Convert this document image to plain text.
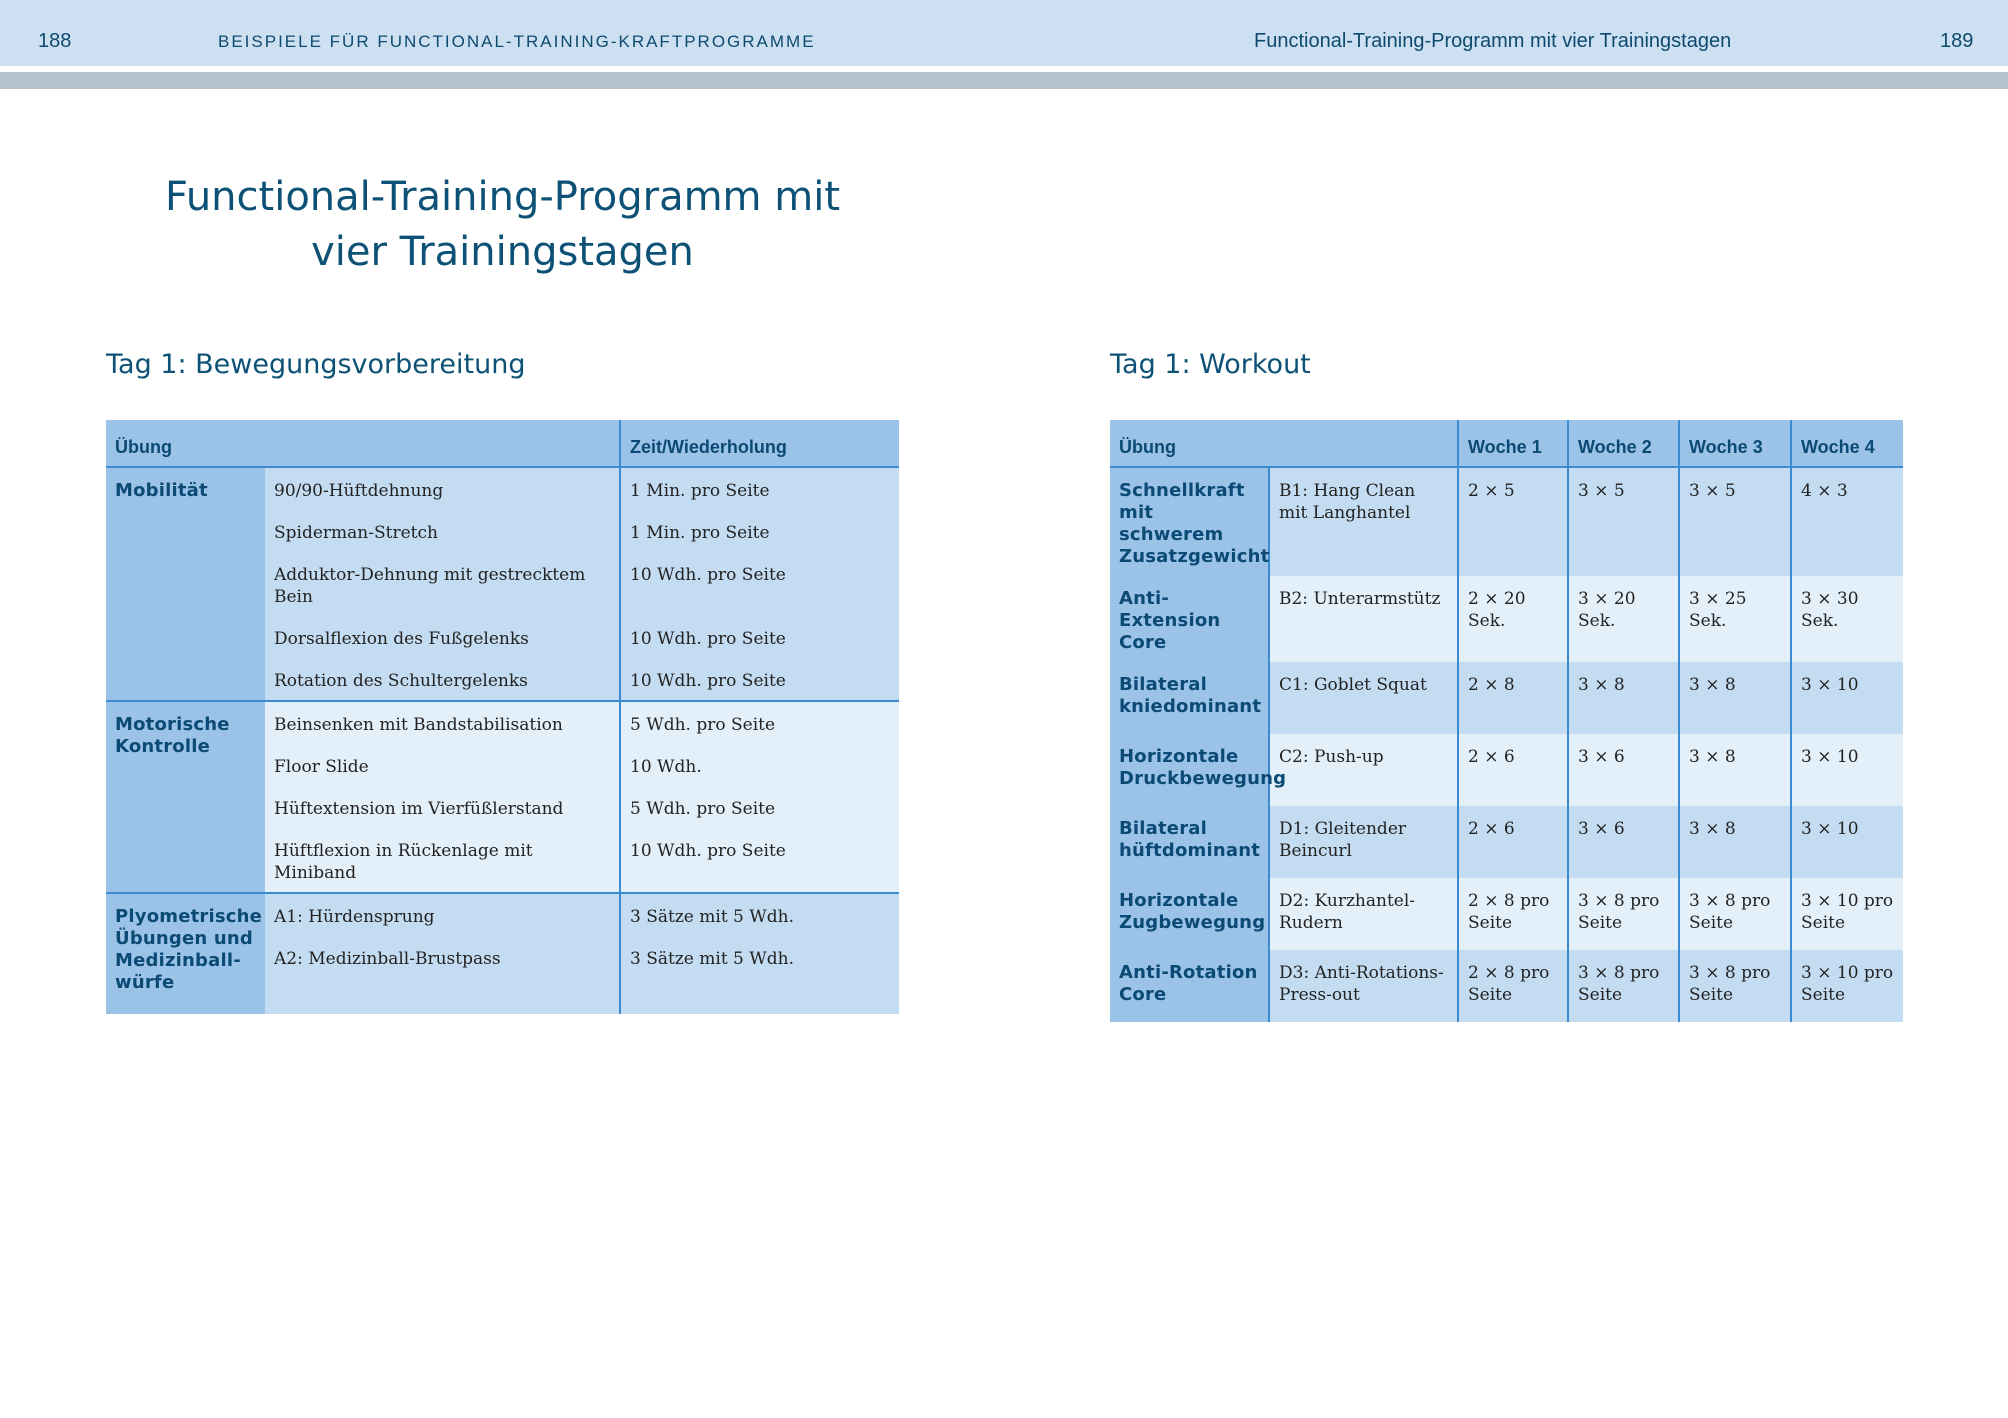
188	BEISPIELE FÜR FUNCTIONAL-TRAINING-KRAFTPROGRAMME	Functional-Training-Programm mit vier Trainingstagen	189
Functional-Training-Programm mit
vier Trainingstagen
Tag 1: Bewegungsvorbereitung	Tag 1: Workout
Übung		Zeit/Wiederholung
Mobilität	90/90-Hüftdehnung	1 Min. pro Seite
	Spiderman-Stretch	1 Min. pro Seite
	Adduktor-Dehnung mit gestrecktem Bein	10 Wdh. pro Seite
	Dorsalflexion des Fußgelenks	10 Wdh. pro Seite
	Rotation des Schultergelenks	10 Wdh. pro Seite
Motorische Kontrolle	Beinsenken mit Bandstabilisation	5 Wdh. pro Seite
	Floor Slide	10 Wdh.
	Hüftextension im Vierfüßlerstand	5 Wdh. pro Seite
	Hüftflexion in Rückenlage mit Miniband	10 Wdh. pro Seite
Plyometrische Übungen und Medizinball-würfe	A1: Hürdensprung	3 Sätze mit 5 Wdh.
	A2: Medizinball-Brustpass	3 Sätze mit 5 Wdh.
Übung		Woche 1	Woche 2	Woche 3	Woche 4
Schnellkraft mit schwerem Zusatzgewicht	B1: Hang Clean mit Langhantel	2 × 5	3 × 5	3 × 5	4 × 3
Anti-Extension Core	B2: Unterarmstütz	2 × 20 Sek.	3 × 20 Sek.	3 × 25 Sek.	3 × 30 Sek.
Bilateral kniedominant	C1: Goblet Squat	2 × 8	3 × 8	3 × 8	3 × 10
Horizontale Druckbewegung	C2: Push-up	2 × 6	3 × 6	3 × 8	3 × 10
Bilateral hüftdominant	D1: Gleitender Beincurl	2 × 6	3 × 6	3 × 8	3 × 10
Horizontale Zugbewegung	D2: Kurzhantel-Rudern	2 × 8 pro Seite	3 × 8 pro Seite	3 × 8 pro Seite	3 × 10 pro Seite
Anti-Rotation Core	D3: Anti-Rotations-Press-out	2 × 8 pro Seite	3 × 8 pro Seite	3 × 8 pro Seite	3 × 10 pro Seite
